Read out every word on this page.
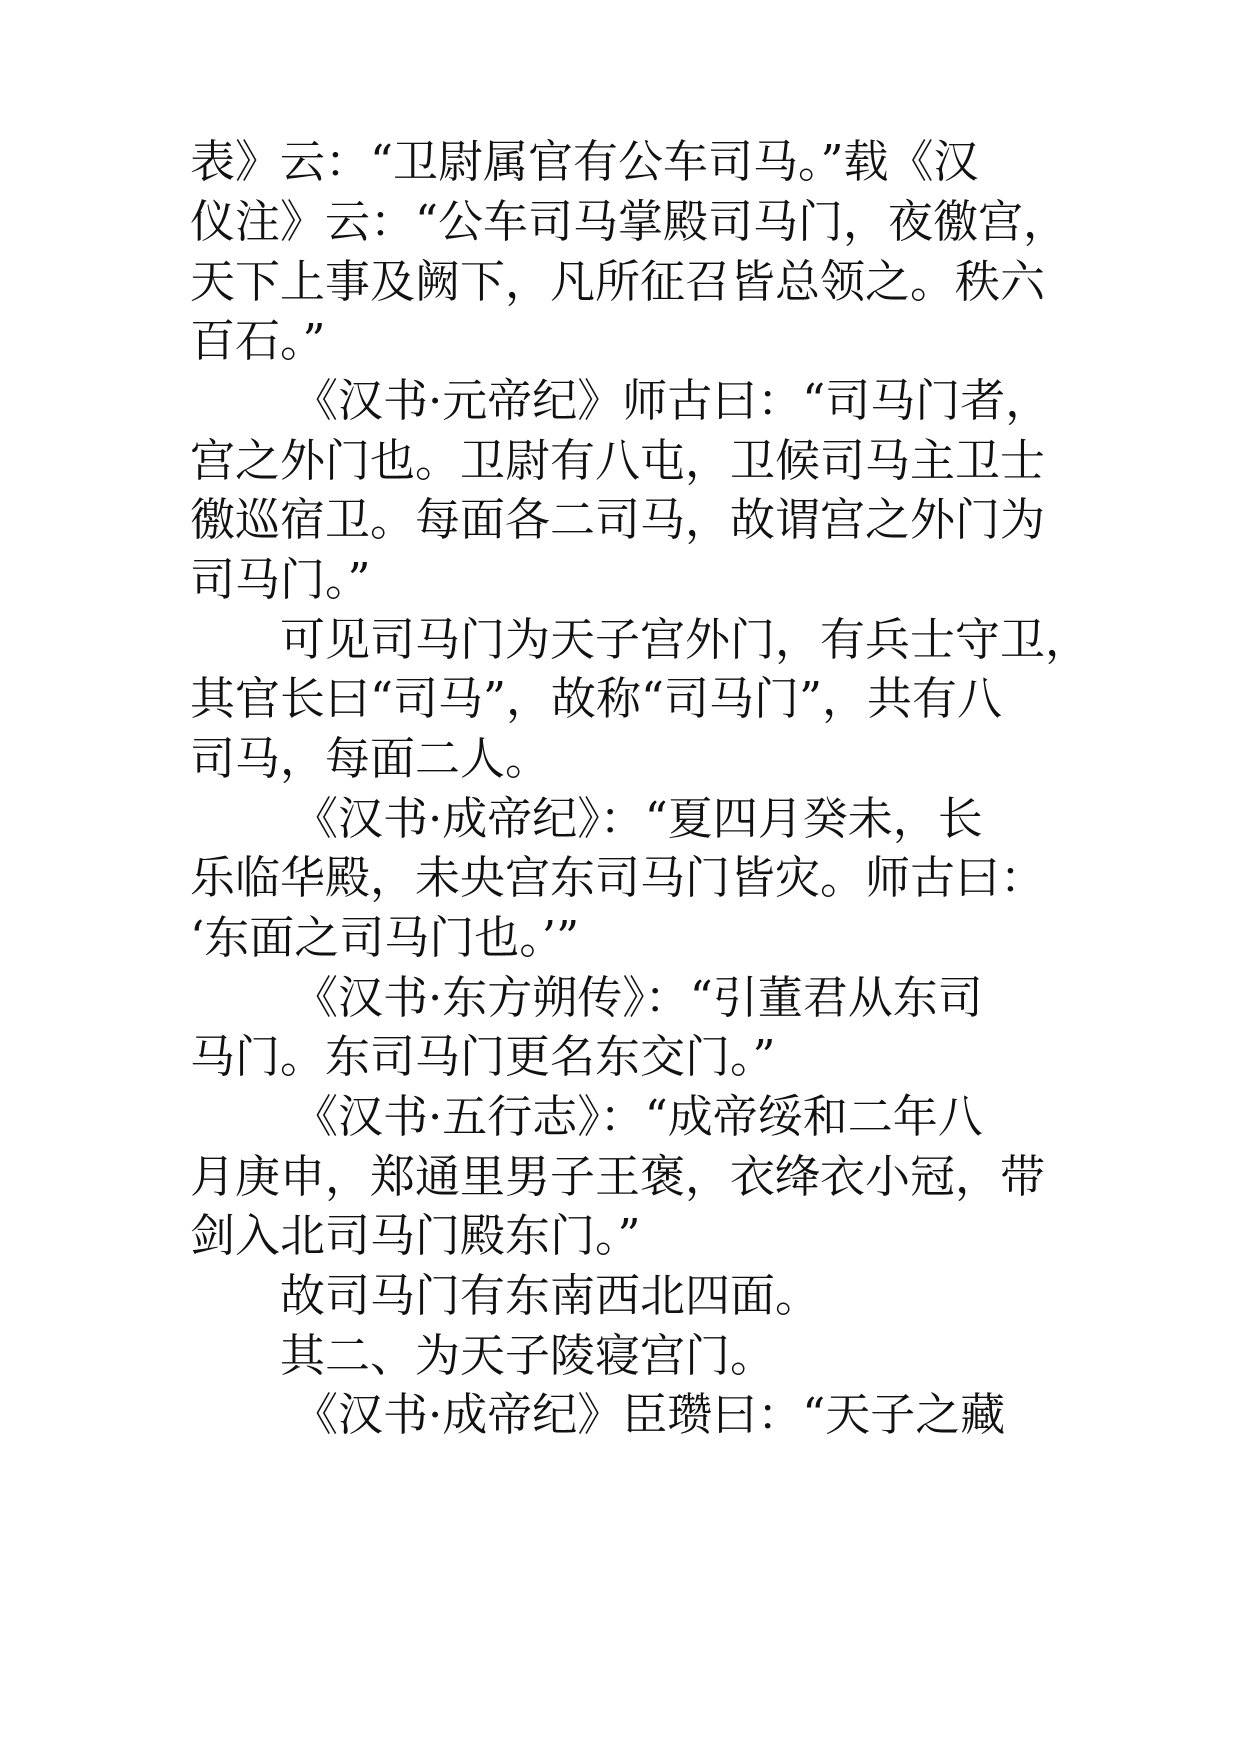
表》云：“卫尉属官有公车司马。”载《汉

仪注》云：“公车司马掌殿司马门，夜徼宫，

天下上事及阙下，凡所征召皆总领之。秩六

百石。”

《汉书·元帝纪》师古曰：“司马门者，

宫之外门也。卫尉有八屯，卫候司马主卫士

徼巡宿卫。每面各二司马，故谓宫之外门为

司马门。”

可见司马门为天子宫外门，有兵士守卫，

其官长曰“司马”，故称“司马门”，共有八

司马，每面二人。

《汉书·成帝纪》：“夏四月癸未，长

乐临华殿，未央宫东司马门皆灾。师古曰：

‘东面之司马门也。’”

《汉书·东方朔传》：“引董君从东司

马门。东司马门更名东交门。”

《汉书·五行志》：“成帝绥和二年八

月庚申，郑通里男子王褒，衣绛衣小冠，带

剑入北司马门殿东门。”

故司马门有东南西北四面。

其二、为天子陵寝宫门。

《汉书·成帝纪》臣瓒曰：“天子之藏
